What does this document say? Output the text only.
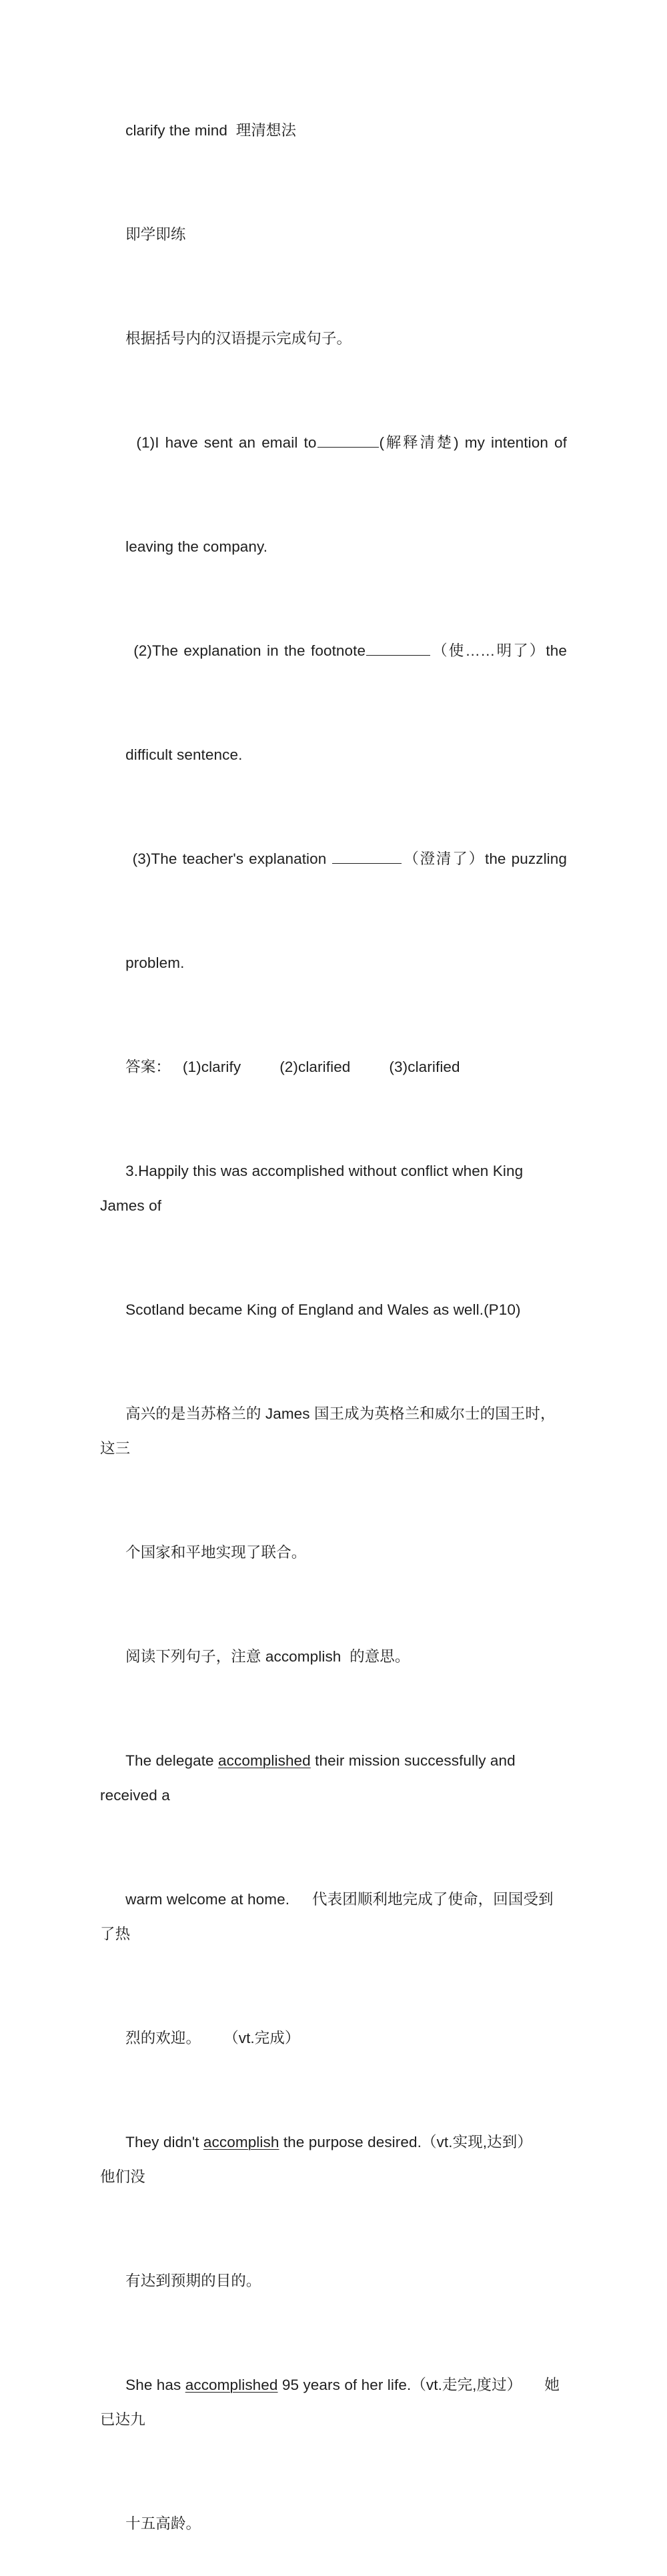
clarify the mind  理清想法

即学即练

根据括号内的汉语提示完成句子。

(1)I have sent an email to	(解释清楚) my intention of

leaving the company.

(2)The explanation in the footnote	（使……明了）the

difficult sentence.

(3)The teacher's explanation	（澄清了）the puzzling

problem.

答案： (1)clarify	(2)clarified	(3)clarified

3.Happily this was accomplished without conflict when King James of

Scotland became King of England and Wales as well.(P10)

高兴的是当苏格兰的 James 国王成为英格兰和威尔士的国王时，这三

个国家和平地实现了联合。

阅读下列句子，注意 accomplish  的意思。

The delegate accomplished their mission successfully and received a

warm welcome at home. 代表团顺利地完成了使命，回国受到了热

烈的欢迎。 （vt.完成）

They didn't accomplish the purpose desired.（vt.实现,达到）他们没

有达到预期的目的。

She has accomplished 95 years of her life.（vt.走完,度过） 她已达九

十五高龄。
